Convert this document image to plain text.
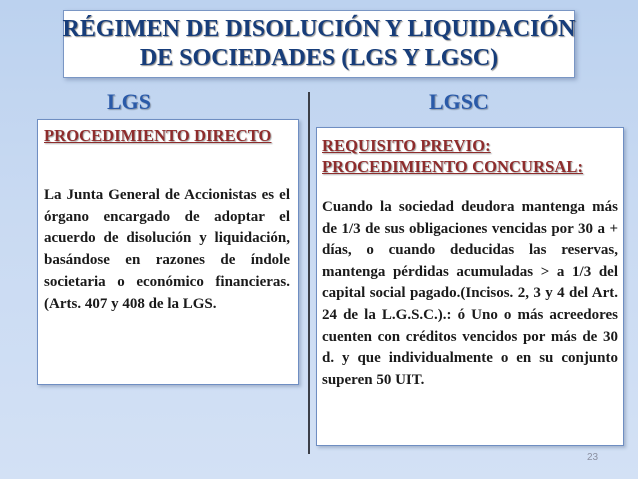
RÉGIMEN DE DISOLUCIÓN Y LIQUIDACIÓN
DE SOCIEDADES (LGS Y LGSC)
LGS	LGSC
PROCEDIMIENTO DIRECTO
La Junta General de Accionistas es el órgano encargado de adoptar el acuerdo de disolución y liquidación, basándose en razones de índole societaria o económico financieras. (Arts. 407 y 408 de la LGS.
REQUISITO PREVIO:
PROCEDIMIENTO CONCURSAL:
Cuando la sociedad deudora mantenga más de 1/3 de sus obligaciones vencidas por 30 a + días, o cuando deducidas las reservas, mantenga pérdidas acumuladas > a 1/3 del capital social pagado.(Incisos. 2, 3 y 4 del Art. 24 de la L.G.S.C.).: ó Uno o más acreedores cuenten con créditos vencidos por más de 30 d. y que individualmente o en su conjunto superen 50 UIT.
23
